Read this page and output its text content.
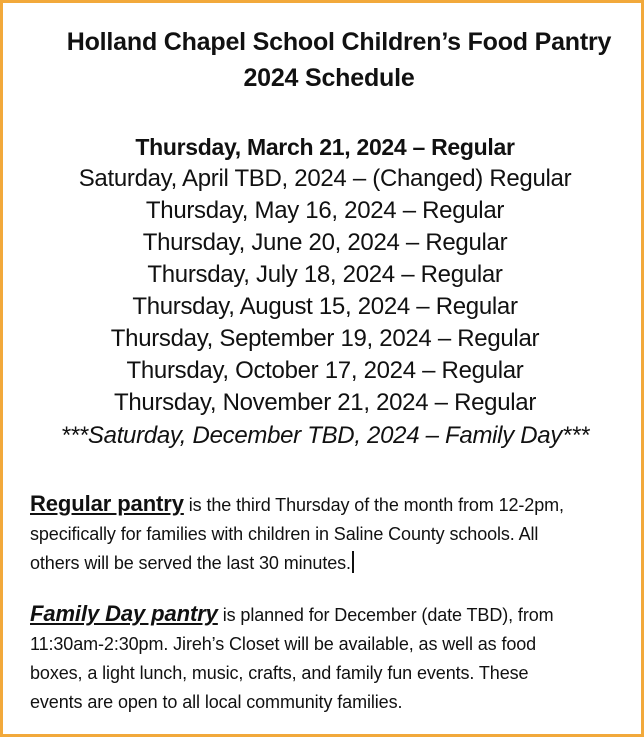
Holland Chapel School Children’s Food Pantry
2024 Schedule
Thursday, March 21, 2024 – Regular
Saturday, April TBD, 2024 – (Changed) Regular
Thursday, May 16, 2024 – Regular
Thursday, June 20, 2024 – Regular
Thursday, July 18, 2024 – Regular
Thursday, August 15, 2024 – Regular
Thursday, September 19, 2024 – Regular
Thursday, October 17, 2024 – Regular
Thursday, November 21, 2024 – Regular
***Saturday, December TBD, 2024 – Family Day***
Regular pantry is the third Thursday of the month from 12-2pm,
specifically for families with children in Saline County schools. All
others will be served the last 30 minutes.
Family Day pantry is planned for December (date TBD), from
11:30am-2:30pm. Jireh’s Closet will be available, as well as food
boxes, a light lunch, music, crafts, and family fun events. These
events are open to all local community families.
